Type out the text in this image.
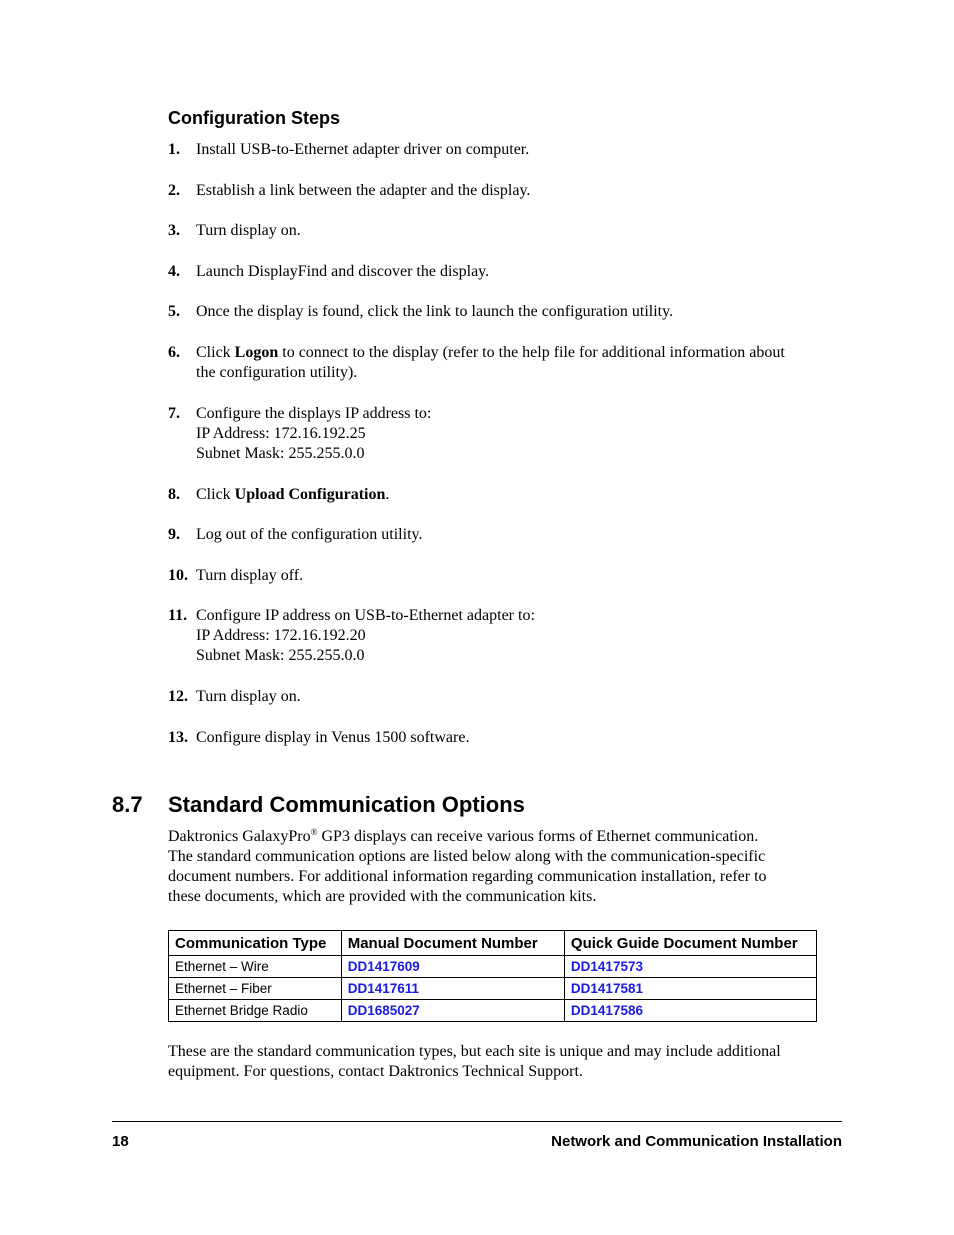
Configuration Steps
1.	Install USB-to-Ethernet adapter driver on computer.
2.	Establish a link between the adapter and the display.
3.	Turn display on.
4.	Launch DisplayFind and discover the display.
5.	Once the display is found, click the link to launch the configuration utility.
6.	Click Logon to connect to the display (refer to the help file for additional information about
the configuration utility).
7.	Configure the displays IP address to:
IP Address: 172.16.192.25
Subnet Mask: 255.255.0.0
8.	Click Upload Configuration.
9.	Log out of the configuration utility.
10. Turn display off.
11. Configure IP address on USB-to-Ethernet adapter to:
IP Address: 172.16.192.20
Subnet Mask: 255.255.0.0
12. Turn display on.
13. Configure display in Venus 1500 software.
8.7 Standard Communication Options

Daktronics GalaxyPro® GP3 displays can receive various forms of Ethernet communication.
The standard communication options are listed below along with the communication-specific
document numbers. For additional information regarding communication installation, refer to
these documents, which are provided with the communication kits.

Communication Type	Manual Document Number	Quick Guide Document Number
Ethernet – Wire	DD1417609	DD1417573
Ethernet – Fiber	DD1417611	DD1417581
Ethernet Bridge Radio	DD1685027	DD1417586

These are the standard communication types, but each site is unique and may include additional
equipment. For questions, contact Daktronics Technical Support.

18	Network and Communication Installation
